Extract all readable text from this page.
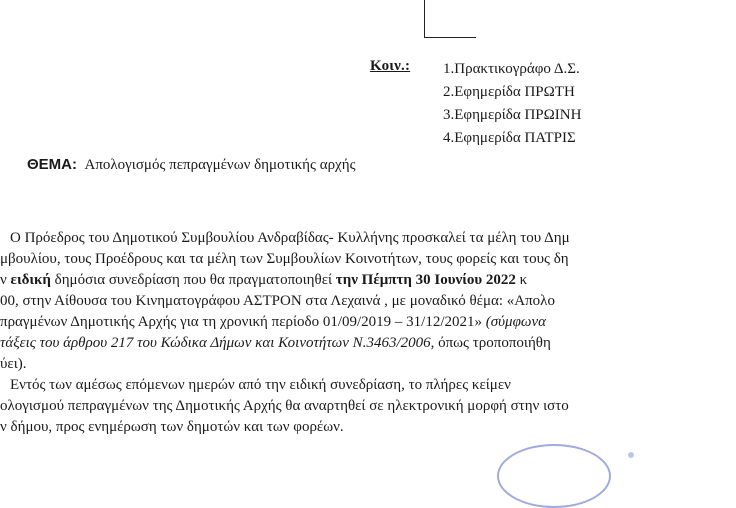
Κοιν.: 1.Πρακτικογράφο Δ.Σ.
2.Εφημερίδα ΠΡΩΤΗ
3.Εφημερίδα ΠΡΩΙΝΗ
4.Εφημερίδα ΠΑΤΡΙΣ
ΘΕΜΑ: Απολογισμός πεπραγμένων δημοτικής αρχής
Ο Πρόεδρος του Δημοτικού Συμβουλίου Ανδραβίδας- Κυλλήνης προσκαλεί τα μέλη του Δημ
μβουλίου, τους Προέδρους και τα μέλη των Συμβουλίων Κοινοτήτων, τους φορείς και τους δη
ν ειδική δημόσια συνεδρίαση που θα πραγματοποιηθεί την Πέμπτη 30 Ιουνίου 2022 κ
00, στην Αίθουσα του Κινηματογράφου ΑΣΤΡΟΝ στα Λεχαινά , με μοναδικό θέμα: «Απολο
πραγμένων Δημοτικής Αρχής για τη χρονική περίοδο 01/09/2019 – 31/12/2021» (σύμφωνα
τάξεις του άρθρου 217 του Κώδικα Δήμων και Κοινοτήτων Ν.3463/2006, όπως τροποποιήθη
ύει).
Εντός των αμέσως επόμενων ημερών από την ειδική συνεδρίαση, το πλήρες κείμεν
ολογισμού πεπραγμένων της Δημοτικής Αρχής θα αναρτηθεί σε ηλεκτρονική μορφή στην ιστο
ν δήμου, προς ενημέρωση των δημοτών και των φορέων.
